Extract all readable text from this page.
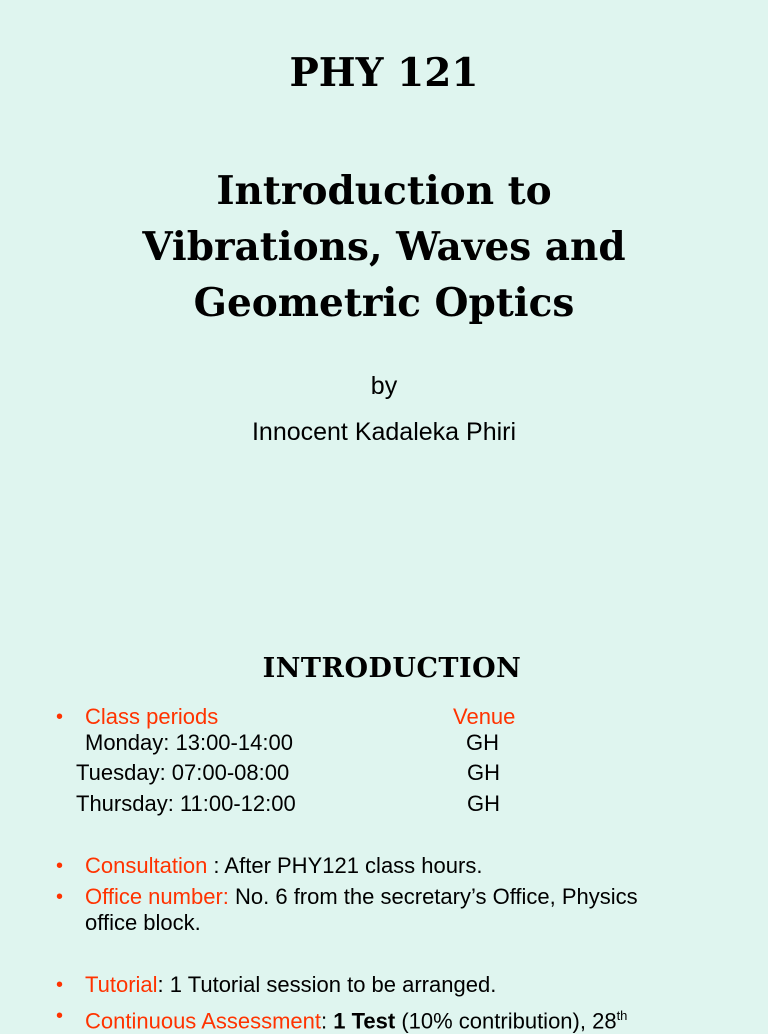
PHY 121
Introduction to
Vibrations, Waves and
Geometric Optics
by
Innocent Kadaleka Phiri
INTRODUCTION
• Class periods	Venue
Monday: 13:00-14:00	GH
Tuesday: 07:00-08:00	GH
Thursday: 11:00-12:00	GH
• Consultation : After PHY121 class hours.
• Office number: No. 6 from the secretary’s Office, Physics
office block.
• Tutorial: 1 Tutorial session to be arranged.
• Continuous Assessment: 1 Test (10% contribution), 28th
